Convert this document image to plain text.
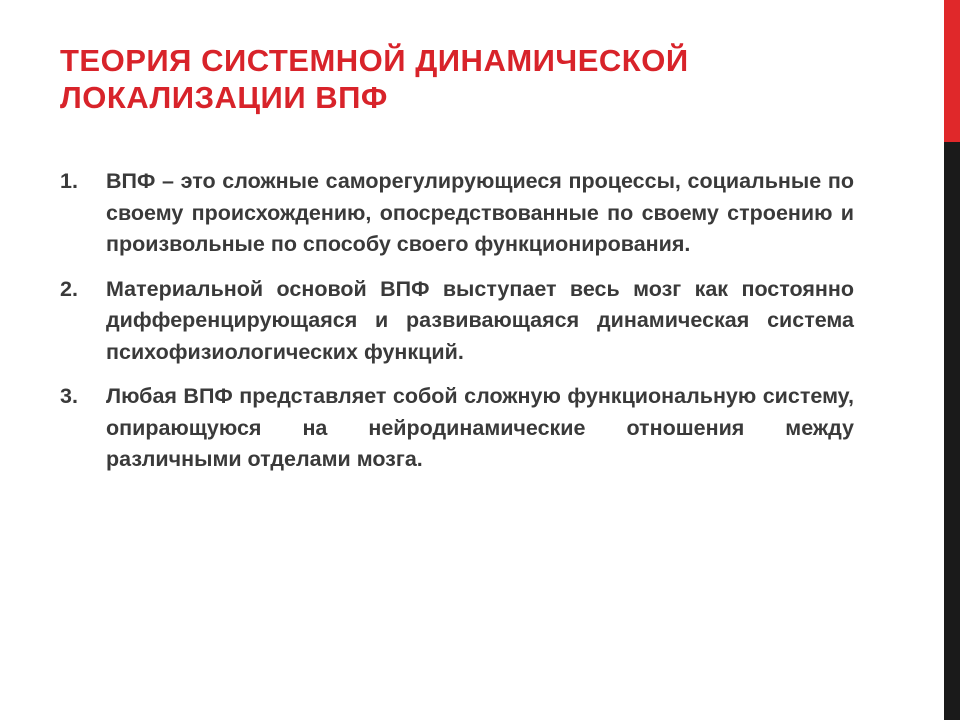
ТЕОРИЯ СИСТЕМНОЙ ДИНАМИЧЕСКОЙ
ЛОКАЛИЗАЦИИ ВПФ
1. ВПФ – это сложные саморегулирующиеся процессы, социальные по своему происхождению, опосредствованные по своему строению и произвольные по способу своего функционирования.
2. Материальной основой ВПФ выступает весь мозг как постоянно дифференцирующаяся и развивающаяся динамическая система психофизиологических функций.
3. Любая ВПФ представляет собой сложную функциональную систему, опирающуюся на нейродинамические отношения между различными отделами мозга.
